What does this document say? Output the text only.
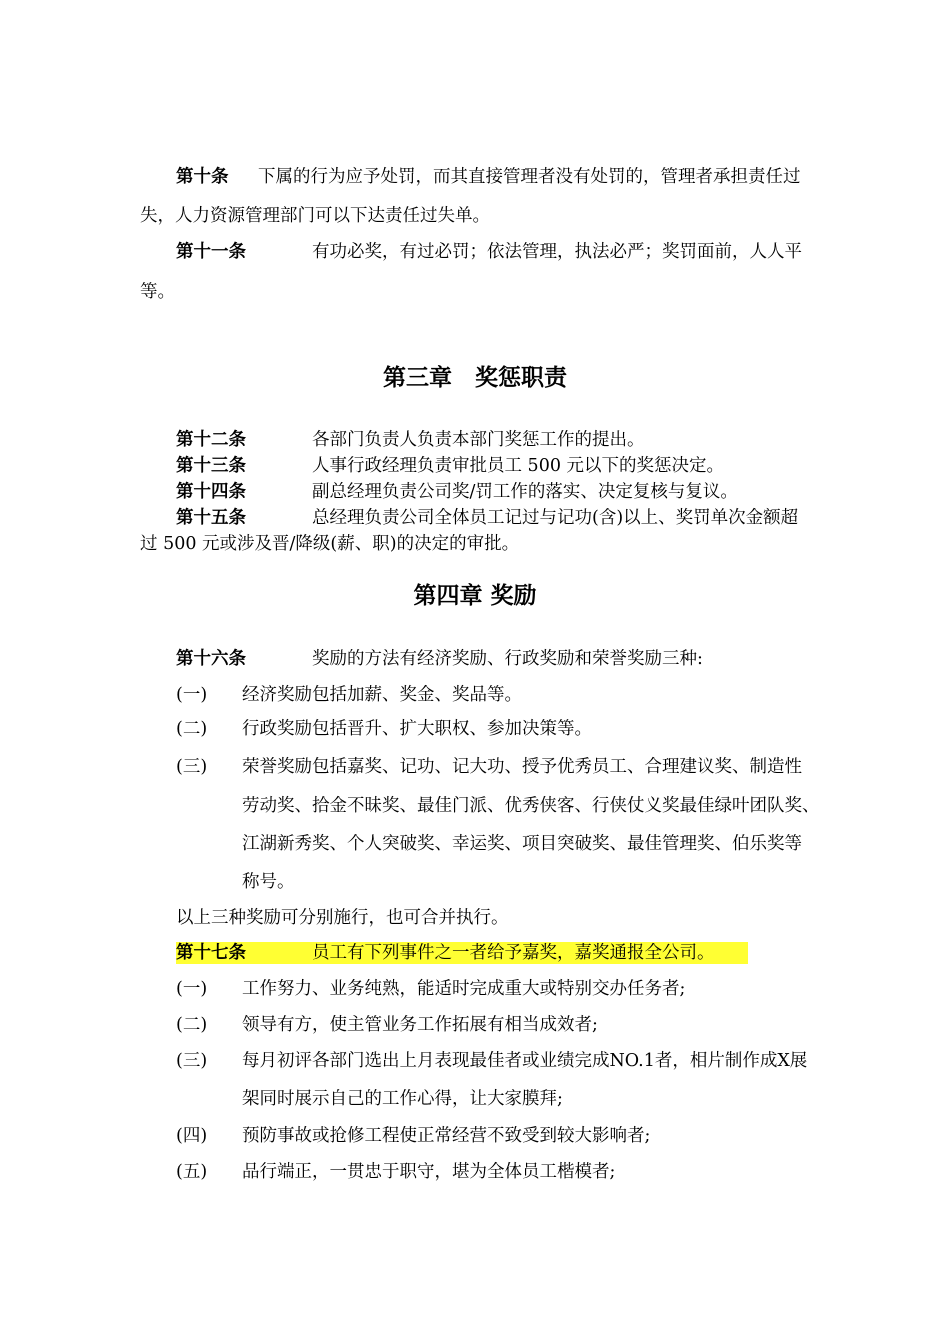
第十条 下属的行为应予处罚，而其直接管理者没有处罚的，管理者承担责任过
失，人力资源管理部门可以下达责任过失单。
第十一条	有功必奖，有过必罚；依法管理，执法必严；奖罚面前，人人平
等。
第三章　奖惩职责
第十二条	各部门负责人负责本部门奖惩工作的提出。
第十三条	人事行政经理负责审批员工 500 元以下的奖惩决定。
第十四条	副总经理负责公司奖/罚工作的落实、决定复核与复议。
第十五条	总经理负责公司全体员工记过与记功(含)以上、奖罚单次金额超
过 500 元或涉及晋/降级(薪、职)的决定的审批。
第四章 奖励
第十六条	奖励的方法有经济奖励、行政奖励和荣誉奖励三种:
(一) 经济奖励包括加薪、奖金、奖品等。
(二) 行政奖励包括晋升、扩大职权、参加决策等。
(三) 荣誉奖励包括嘉奖、记功、记大功、授予优秀员工、合理建议奖、制造性
劳动奖、拾金不昧奖、最佳门派、优秀侠客、行侠仗义奖最佳绿叶团队奖、
江湖新秀奖、个人突破奖、幸运奖、项目突破奖、最佳管理奖、伯乐奖等
称号。
以上三种奖励可分别施行，也可合并执行。
第十七条	员工有下列事件之一者给予嘉奖，嘉奖通报全公司。
(一) 工作努力、业务纯熟，能适时完成重大或特别交办任务者;
(二) 领导有方，使主管业务工作拓展有相当成效者;
(三) 每月初评各部门选出上月表现最佳者或业绩完成NO.1者，相片制作成X展
架同时展示自己的工作心得，让大家膜拜;
(四) 预防事故或抢修工程使正常经营不致受到较大影响者;
(五) 品行端正，一贯忠于职守，堪为全体员工楷模者;
